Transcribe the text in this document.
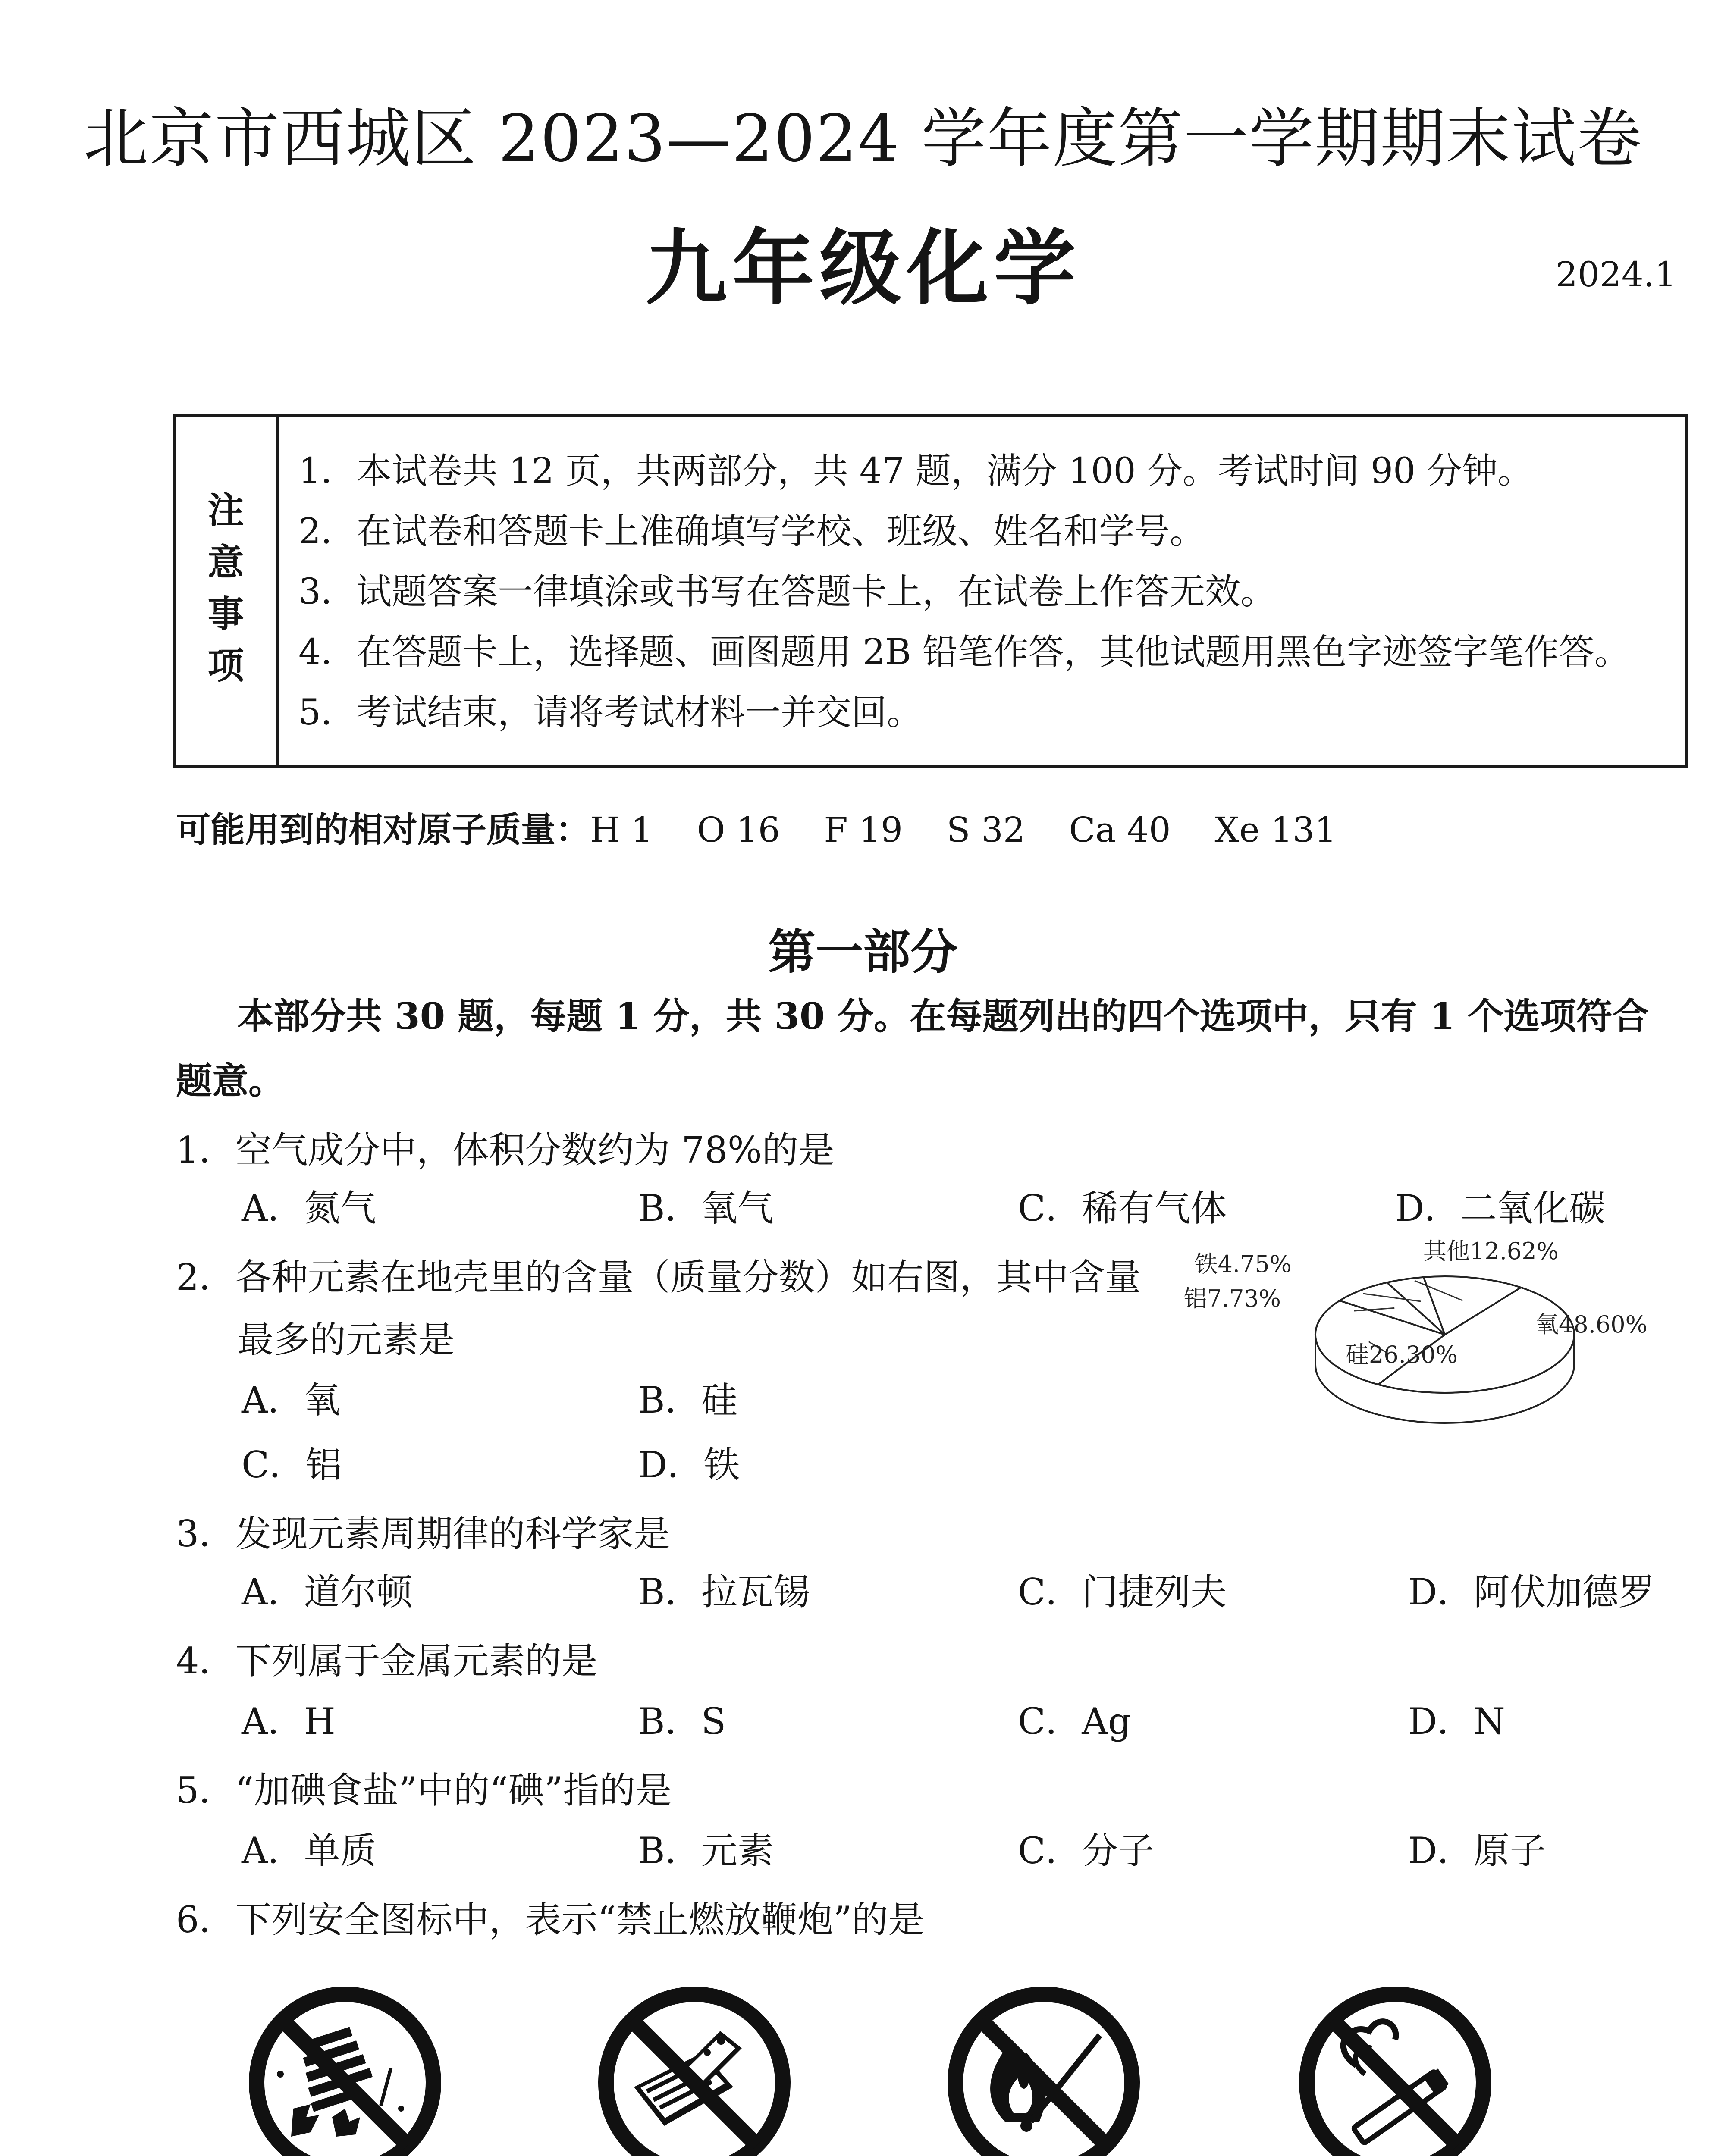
北京市西城区 2023—2024 学年度第一学期期末试卷
九年级化学	2024.1
注
意
事
项
1．本试卷共 12 页，共两部分，共 47 题，满分 100 分。考试时间 90 分钟。
2．在试卷和答题卡上准确填写学校、班级、姓名和学号。
3．试题答案一律填涂或书写在答题卡上，在试卷上作答无效。
4．在答题卡上，选择题、画图题用 2B 铅笔作答，其他试题用黑色字迹签字笔作答。
5．考试结束，请将考试材料一并交回。
可能用到的相对原子质量：H 1    O 16    F 19    S 32    Ca 40    Xe 131
第一部分
本部分共 30 题，每题 1 分，共 30 分。在每题列出的四个选项中，只有 1 个选项符合
题意。
1．空气成分中，体积分数约为 78%的是
A．氮气	B．氧气	C．稀有气体	D．二氧化碳
2．各种元素在地壳里的含量（质量分数）如右图，其中含量
最多的元素是
A．氧	B．硅
C．铝	D．铁
氧48.60%
硅26.30%
铝7.73%
铁4.75%	其他12.62%
3．发现元素周期律的科学家是
A．道尔顿	B．拉瓦锡	C．门捷列夫	D．阿伏加德罗
4．下列属于金属元素的是
A．H	B．S	C．Ag	D．N
5．“加碘食盐”中的“碘”指的是
A．单质	B．元素	C．分子	D．原子
6．下列安全图标中，表示“禁止燃放鞭炮”的是
